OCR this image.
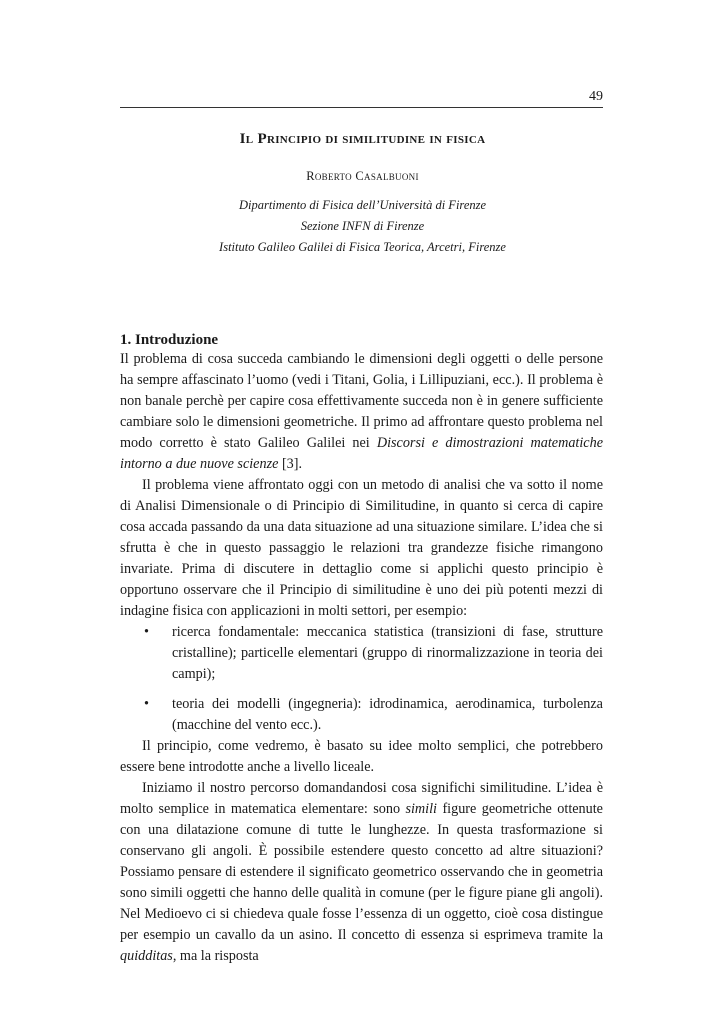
49
Il Principio di similitudine in fisica
Roberto Casalbuoni
Dipartimento di Fisica dell’Università di Firenze
Sezione INFN di Firenze
Istituto Galileo Galilei di Fisica Teorica, Arcetri, Firenze
1. Introduzione

Il problema di cosa succeda cambiando le dimensioni degli oggetti o delle persone ha sempre affascinato l’uomo (vedi i Titani, Golia, i Lillipuziani, ecc.). Il problema è non banale perchè per capire cosa effettivamente succeda non è in genere sufficiente cambiare solo le dimensioni geometriche. Il primo ad affrontare questo problema nel modo corretto è stato Galileo Galilei nei Discorsi e dimostrazioni matematiche intorno a due nuove scienze [3].

Il problema viene affrontato oggi con un metodo di analisi che va sotto il nome di Analisi Dimensionale o di Principio di Similitudine, in quanto si cerca di capire cosa accada passando da una data situazione ad una situazione similare. L’idea che si sfrutta è che in questo passaggio le relazioni tra grandezze fisiche rimangono invariate. Prima di discutere in dettaglio come si applichi questo principio è opportuno osservare che il Principio di similitudine è uno dei più potenti mezzi di indagine fisica con applicazioni in molti settori, per esempio:

• ricerca fondamentale: meccanica statistica (transizioni di fase, strutture cristalline); particelle elementari (gruppo di rinormalizzazione in teoria dei campi);
• teoria dei modelli (ingegneria): idrodinamica, aerodinamica, turbolenza (macchine del vento ecc.).

Il principio, come vedremo, è basato su idee molto semplici, che potrebbero essere bene introdotte anche a livello liceale.

Iniziamo il nostro percorso domandandosi cosa significhi similitudine. L’idea è molto semplice in matematica elementare: sono simili figure geometriche ottenute con una dilatazione comune di tutte le lunghezze. In questa trasformazione si conservano gli angoli. È possibile estendere questo concetto ad altre situazioni? Possiamo pensare di estendere il significato geometrico osservando che in geometria sono simili oggetti che hanno delle qualità in comune (per le figure piane gli angoli). Nel Medioevo ci si chiedeva quale fosse l’essenza di un oggetto, cioè cosa distingue per esempio un cavallo da un asino. Il concetto di essenza si esprimeva tramite la quidditas, ma la risposta
